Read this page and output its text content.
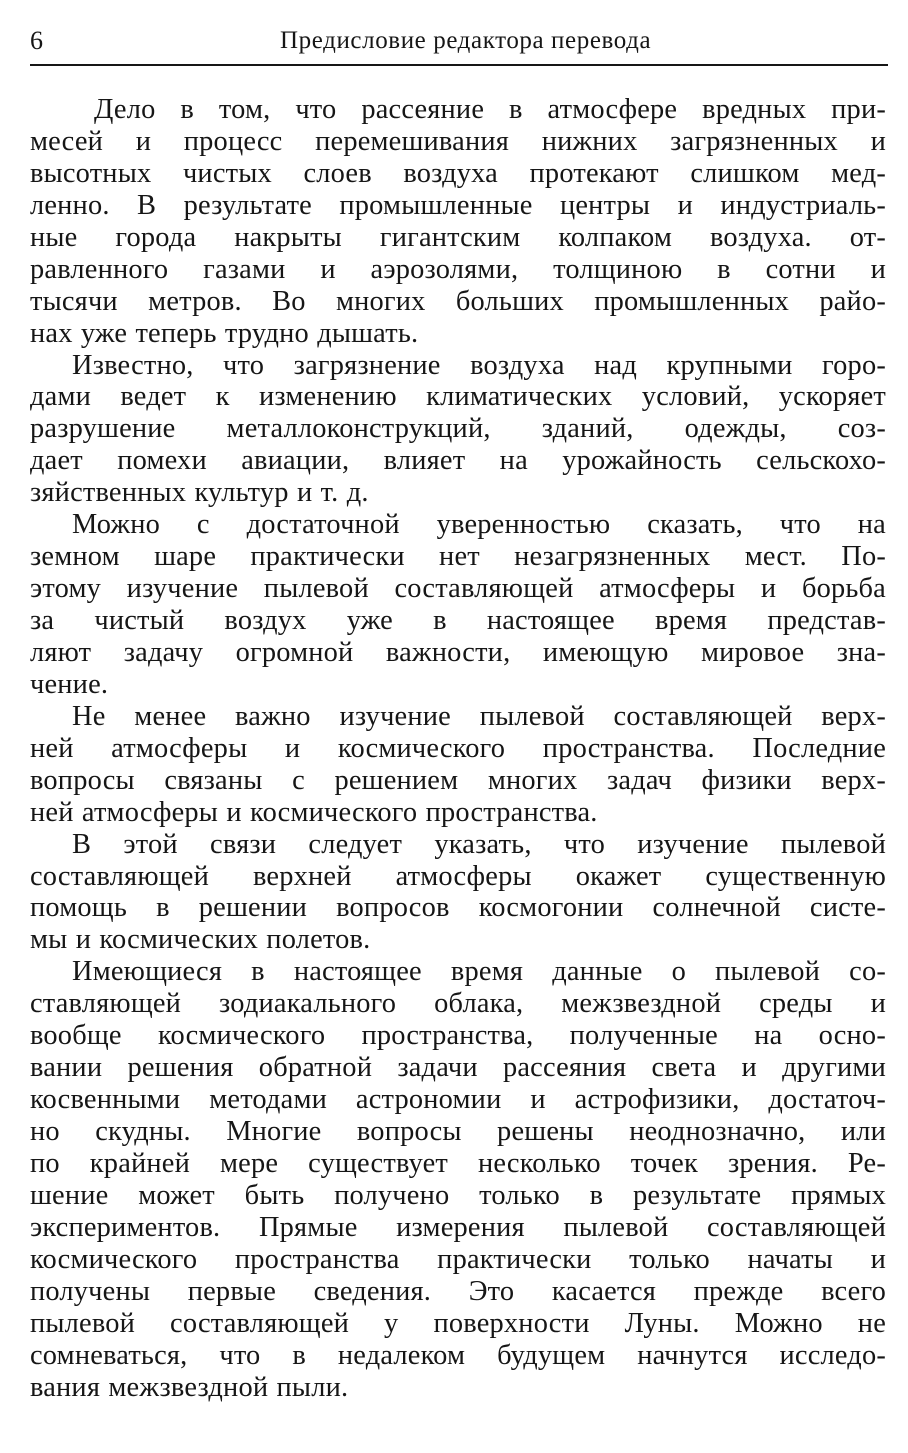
6	Предисловие редактора перевода
Дело в том, что рассеяние в атмосфере вредных при-
месей и процесс перемешивания нижних загрязненных и
высотных чистых слоев воздуха протекают слишком мед-
ленно. В результате промышленные центры и индустриаль-
ные города накрыты гигантским колпаком воздуха. от-
равленного газами и аэрозолями, толщиною в сотни и
тысячи метров. Во многих больших промышленных райо-
нах уже теперь трудно дышать.
Известно, что загрязнение воздуха над крупными горо-
дами ведет к изменению климатических условий, ускоряет
разрушение металлоконструкций, зданий, одежды, соз-
дает помехи авиации, влияет на урожайность сельскохо-
зяйственных культур и т. д.
Можно с достаточной уверенностью сказать, что на
земном шаре практически нет незагрязненных мест. По-
этому изучение пылевой составляющей атмосферы и борьба
за чистый воздух уже в настоящее время представ-
ляют задачу огромной важности, имеющую мировое зна-
чение.
Не менее важно изучение пылевой составляющей верх-
ней атмосферы и космического пространства. Последние
вопросы связаны с решением многих задач физики верх-
ней атмосферы и космического пространства.
В этой связи следует указать, что изучение пылевой
составляющей верхней атмосферы окажет существенную
помощь в решении вопросов космогонии солнечной систе-
мы и космических полетов.
Имеющиеся в настоящее время данные о пылевой со-
ставляющей зодиакального облака, межзвездной среды и
вообще космического пространства, полученные на осно-
вании решения обратной задачи рассеяния света и другими
косвенными методами астрономии и астрофизики, достаточ-
но скудны. Многие вопросы решены неоднозначно, или
по крайней мере существует несколько точек зрения. Ре-
шение может быть получено только в результате прямых
экспериментов. Прямые измерения пылевой составляющей
космического пространства практически только начаты и
получены первые сведения. Это касается прежде всего
пылевой составляющей у поверхности Луны. Можно не
сомневаться, что в недалеком будущем начнутся исследо-
вания межзвездной пыли.
